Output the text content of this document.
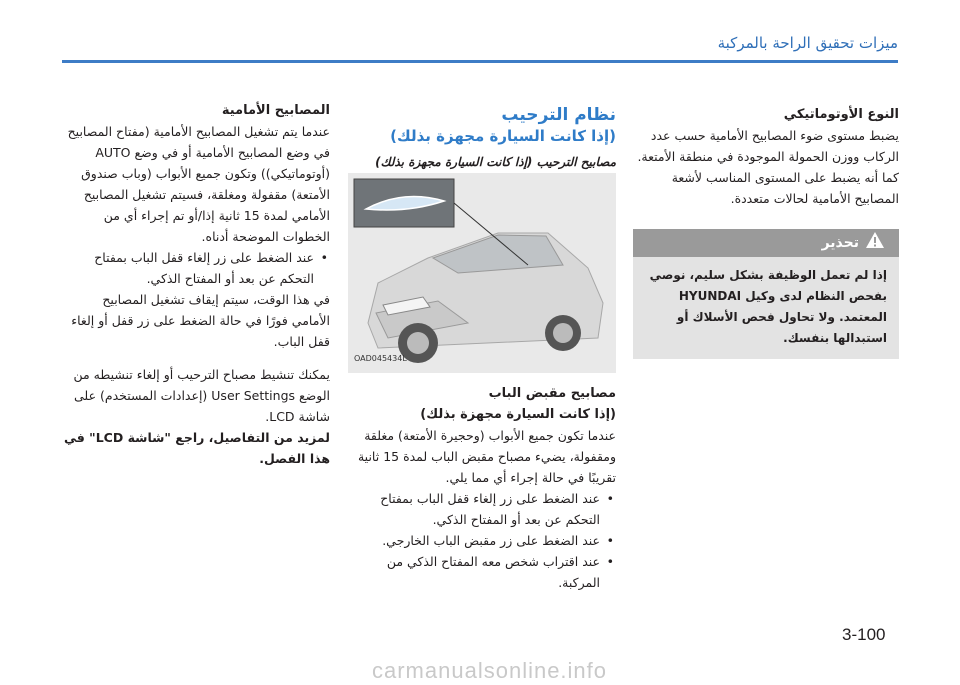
ميزات تحقيق الراحة بالمركبة

النوع الأوتوماتيكي

يضبط مستوى ضوء المصابيح الأمامية حسب عدد الركاب ووزن الحمولة الموجودة في منطقة الأمتعة. كما أنه يضبط على المستوى المناسب لأشعة المصابيح الأمامية لحالات متعددة.

تحذير
إذا لم تعمل الوظيفة بشكل سليم، نوصي بفحص النظام لدى وكيل HYUNDAI المعتمد. ولا تحاول فحص الأسلاك أو استبدالها بنفسك.
نظام الترحيب
(إذا كانت السيارة مجهزة بذلك)

مصابيح الترحيب (إذا كانت السيارة مجهزة بذلك)

OAD045434L

مصابيح مقبض الباب

(إذا كانت السيارة مجهزة بذلك)

عندما تكون جميع الأبواب (وحجيرة الأمتعة) مغلقة ومقفولة، يضيء مصباح مقبض الباب لمدة 15 ثانية تقريبًا في حالة إجراء أي مما يلي.

• عند الضغط على زر إلغاء قفل الباب بمفتاح التحكم عن بعد أو المفتاح الذكي.
• عند الضغط على زر مقبض الباب الخارجي.
• عند اقتراب شخص معه المفتاح الذكي من المركبة.

المصابيح الأمامية

عندما يتم تشغيل المصابيح الأمامية (مفتاح المصابيح في وضع المصابيح الأمامية أو في وضع AUTO (أوتوماتيكي)) وتكون جميع الأبواب (وباب صندوق الأمتعة) مقفولة ومغلقة، فسيتم تشغيل المصابيح الأمامي لمدة 15 ثانية إذا/أو تم إجراء أي من الخطوات الموضحة أدناه.

• عند الضغط على زر إلغاء قفل الباب بمفتاح التحكم عن بعد أو المفتاح الذكي.

في هذا الوقت، سيتم إيقاف تشغيل المصابيح الأمامي فورًا في حالة الضغط على زر قفل أو إلغاء قفل الباب.

يمكنك تنشيط مصباح الترحيب أو إلغاء تنشيطه من الوضع User Settings (إعدادات المستخدم) على شاشة LCD.

لمزيد من التفاصيل، راجع "شاشة LCD" في هذا الفصل.

3-100
carmanualsonline.info
